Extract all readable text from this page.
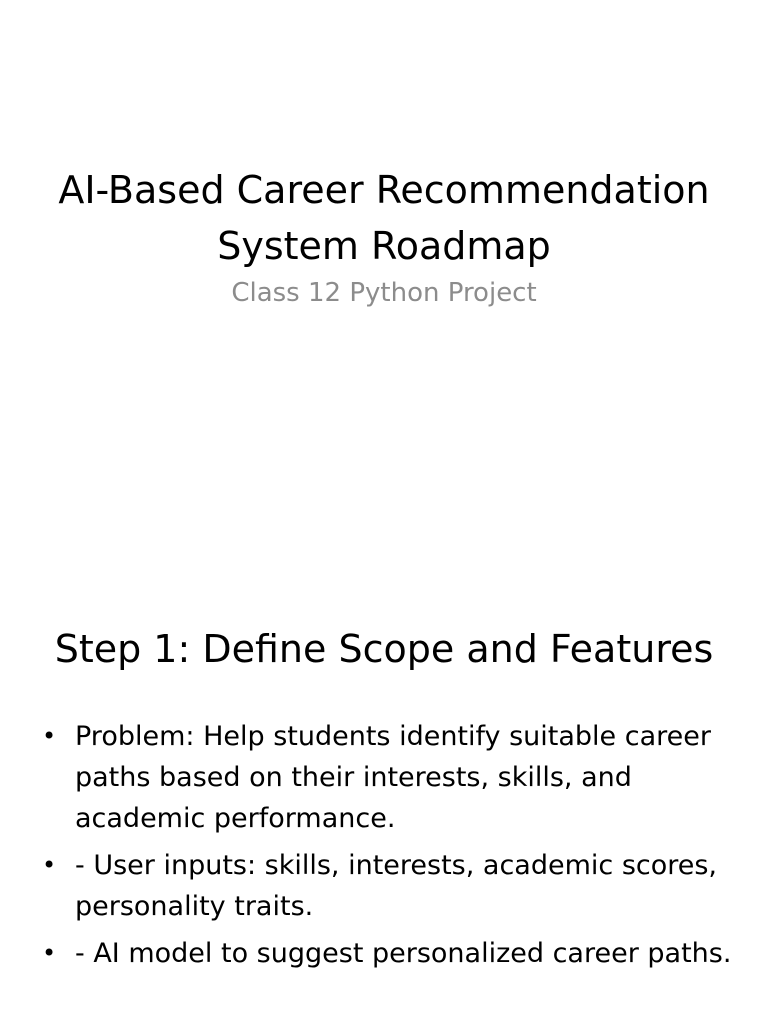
AI-Based Career Recommendation System Roadmap

Class 12 Python Project

Step 1: Define Scope and Features
• Problem: Help students identify suitable career paths based on their interests, skills, and academic performance.
• - User inputs: skills, interests, academic scores, personality traits.
• - AI model to suggest personalized career paths.
